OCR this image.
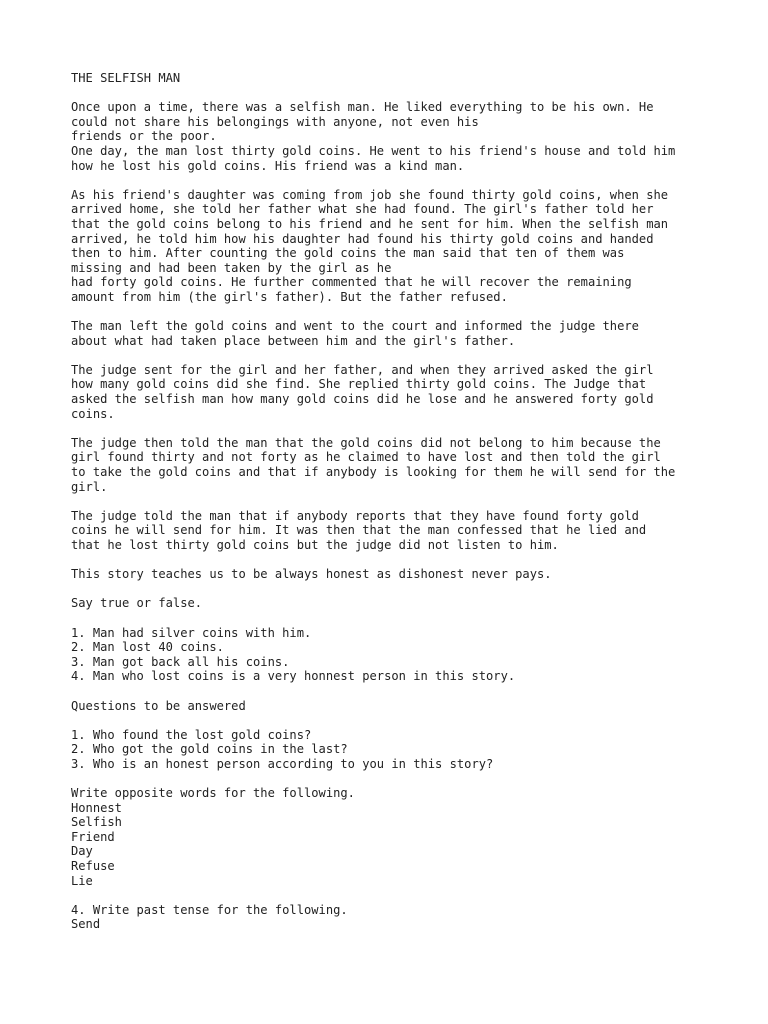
THE SELFISH MAN
Once upon a time, there was a selfish man. He liked everything to be his own. He
could not share his belongings with anyone, not even his
friends or the poor.
One day, the man lost thirty gold coins. He went to his friend's house and told him
how he lost his gold coins. His friend was a kind man.
As his friend's daughter was coming from job she found thirty gold coins, when she
arrived home, she told her father what she had found. The girl's father told her
that the gold coins belong to his friend and he sent for him. When the selfish man
arrived, he told him how his daughter had found his thirty gold coins and handed
then to him. After counting the gold coins the man said that ten of them was
missing and had been taken by the girl as he
had forty gold coins. He further commented that he will recover the remaining
amount from him (the girl's father). But the father refused.
The man left the gold coins and went to the court and informed the judge there
about what had taken place between him and the girl's father.
The judge sent for the girl and her father, and when they arrived asked the girl
how many gold coins did she find. She replied thirty gold coins. The Judge that
asked the selfish man how many gold coins did he lose and he answered forty gold
coins.
The judge then told the man that the gold coins did not belong to him because the
girl found thirty and not forty as he claimed to have lost and then told the girl
to take the gold coins and that if anybody is looking for them he will send for the
girl.
The judge told the man that if anybody reports that they have found forty gold
coins he will send for him. It was then that the man confessed that he lied and
that he lost thirty gold coins but the judge did not listen to him.
This story teaches us to be always honest as dishonest never pays.
Say true or false.
1. Man had silver coins with him.
2. Man lost 40 coins.
3. Man got back all his coins.
4. Man who lost coins is a very honnest person in this story.
Questions to be answered
1. Who found the lost gold coins?
2. Who got the gold coins in the last?
3. Who is an honest person according to you in this story?
Write opposite words for the following.
Honnest
Selfish
Friend
Day
Refuse
Lie
4. Write past tense for the following.
Send
